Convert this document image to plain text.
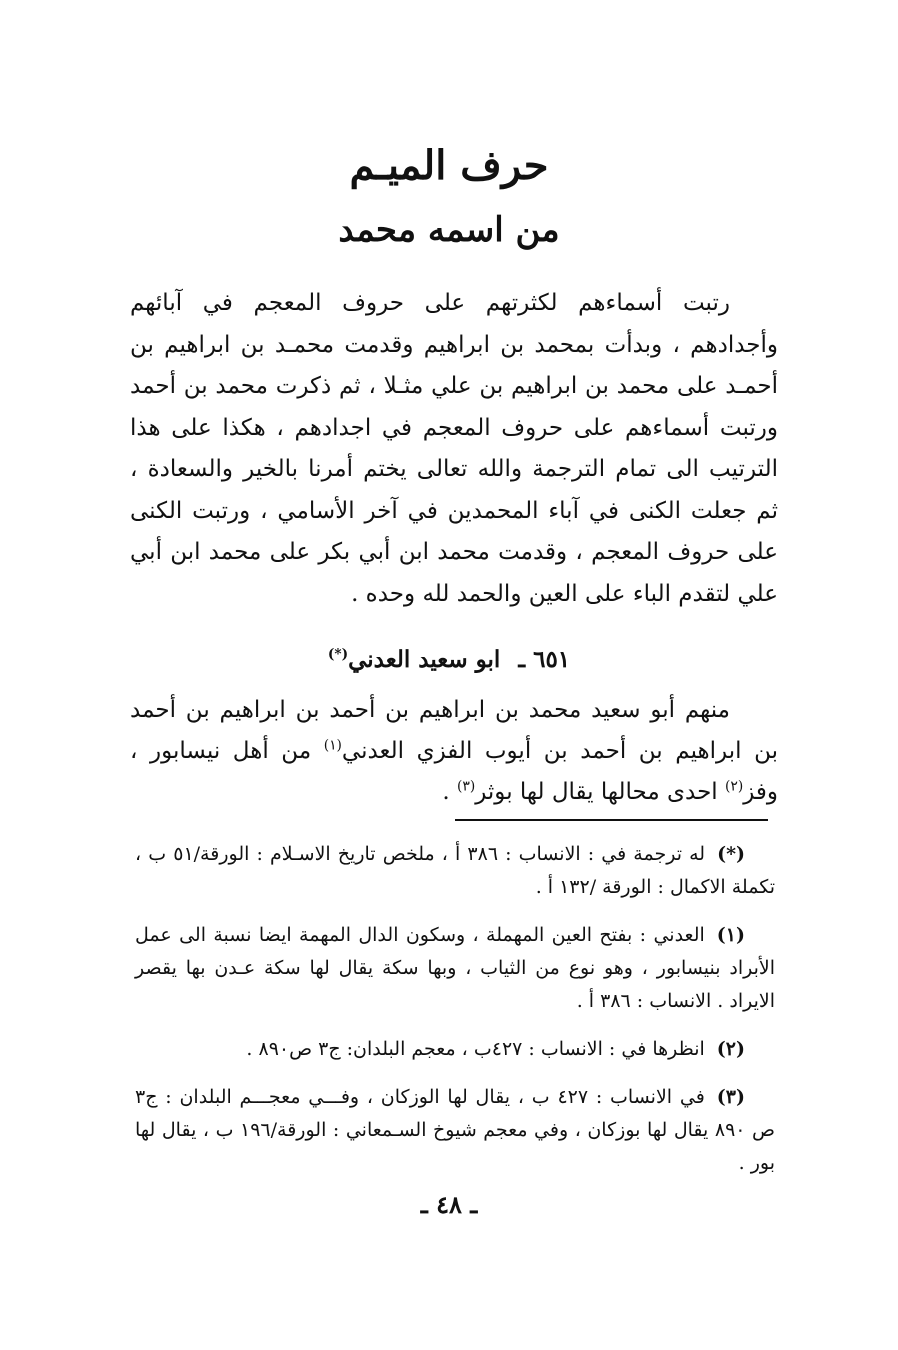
حرف الميـم
من اسمه محمد

رتبت أسماءهم لكثرتهم على حروف المعجم في آبائهم وأجدادهم ، وبدأت بمحمد بن ابراهيم وقدمت محمـد بن ابراهيم بن أحمـد على محمد بن ابراهيم بن علي مثـلا ، ثم ذكرت محمد بن أحمد ورتبت أسماءهم على حروف المعجم في اجدادهم ، هكذا على هذا الترتيب الى تمام الترجمة والله تعالى يختم أمرنا بالخير والسعادة ، ثم جعلت الكنى في آباء المحمدين في آخر الأسامي ، ورتبت الكنى على حروف المعجم ، وقدمت محمد ابن أبي بكر على محمد ابن أبي علي لتقدم الباء على العين والحمد لله وحده .

٦٥١ ـ ابو سعيد العدني(*)

منهم أبو سعيد محمد بن ابراهيم بن أحمد بن ابراهيم بن أحمد بن ابراهيم بن أحمد بن أيوب الفزي العدني$^{(١)}$ من أهل نيسابور ، وفز$^{(٢)}$ احدى محالها يقال لها بوثر$^{(٣)}$ .

(*)له ترجمة في : الانساب : ٣٨٦ أ ، ملخص تاريخ الاسـلام : الورقة/٥١ ب ، تكملة الاكمال : الورقة /١٣٢ أ .

(١)العدني : بفتح العين المهملة ، وسكون الدال المهمة ايضا نسبة الى عمل الأبراد بنيسابور ، وهو نوع من الثياب ، وبها سكة يقال لها سكة عـدن بها يقصر الايراد . الانساب : ٣٨٦ أ .

(٢)انظرها في : الانساب : ٤٢٧ب ، معجم البلدان: ج٣ ص٨٩٠ .

(٣)في الانساب : ٤٢٧ ب ، يقال لها الوزكان ، وفـــي معجـــم البلدان : ج٣ ص ٨٩٠ يقال لها بوزكان ، وفي معجم شيوخ السـمعاني : الورقة/١٩٦ ب ، يقال لها بور .

ـ ٤٨ ـ
